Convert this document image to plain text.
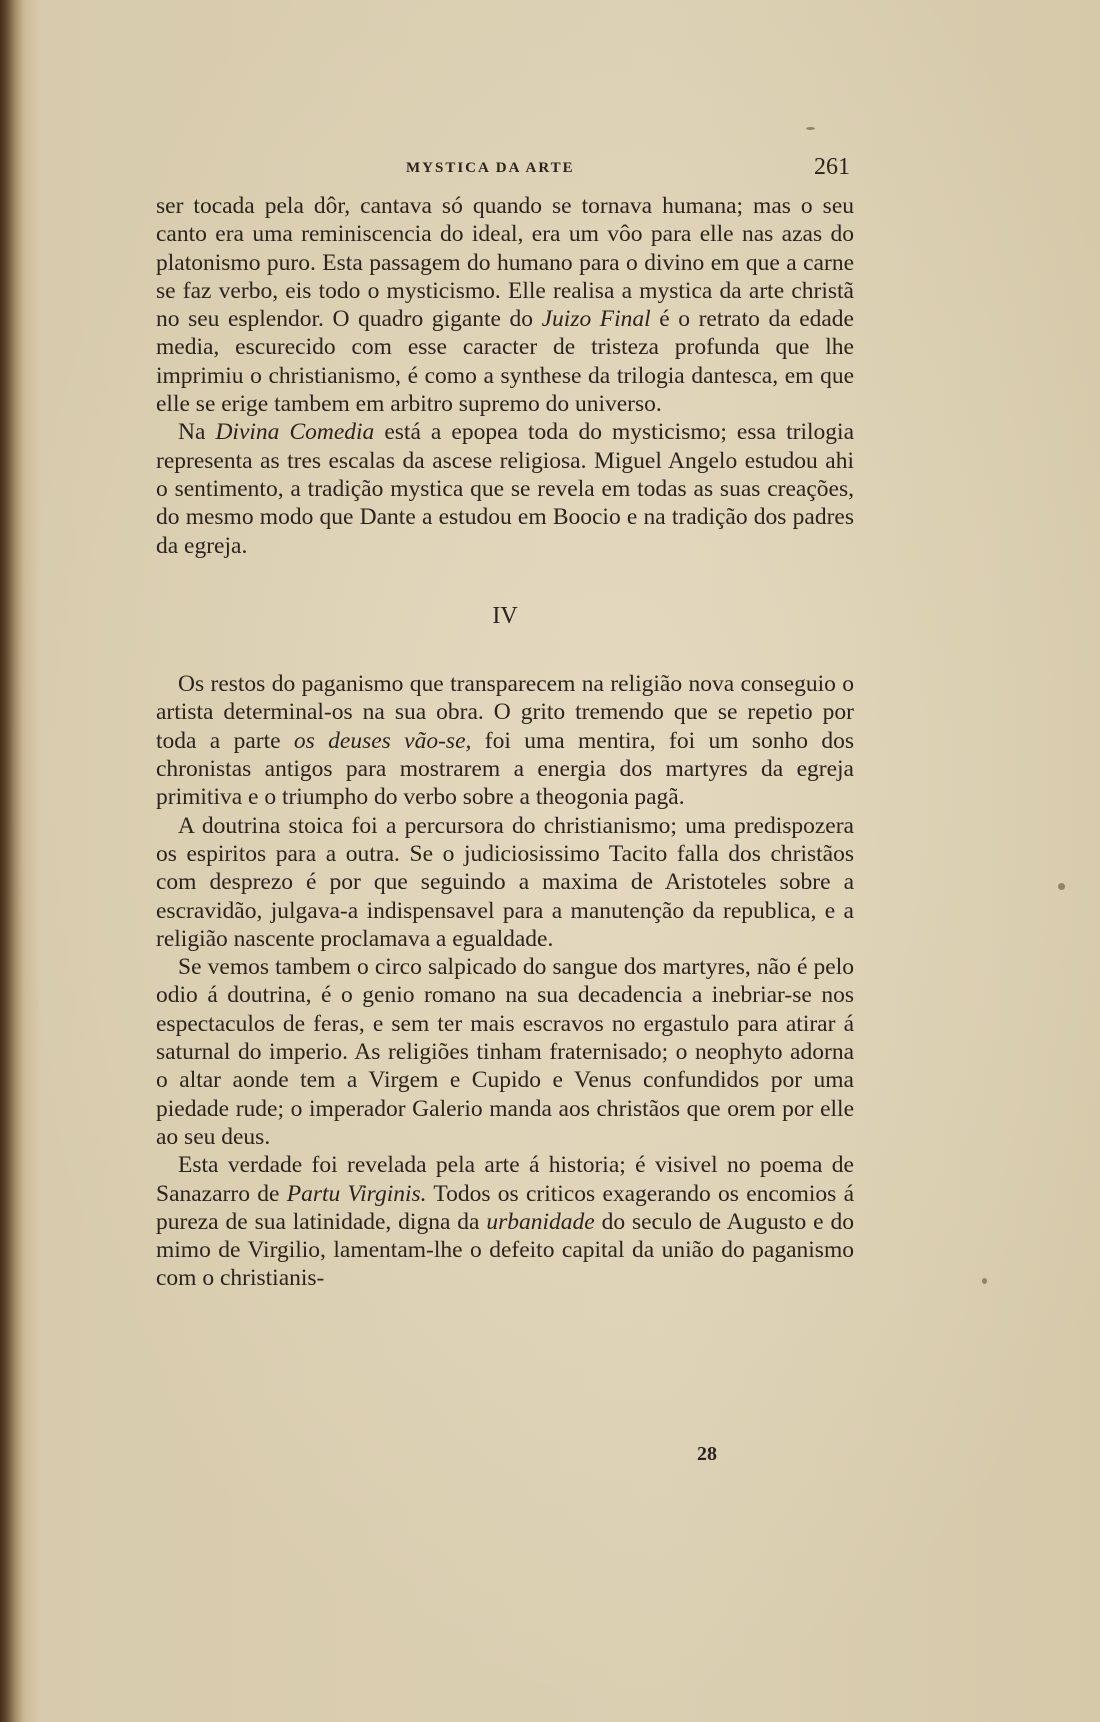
MYSTICA DA ARTE	261

ser tocada pela dôr, cantava só quando se tornava humana; mas o seu canto era uma reminiscencia do ideal, era um vôo para elle nas azas do platonismo puro. Esta passagem do humano para o divino em que a carne se faz verbo, eis todo o mysticismo. Elle realisa a mystica da arte christã no seu esplendor. O quadro gigante do Juizo Final é o retrato da edade media, escurecido com esse caracter de tristeza profunda que lhe imprimiu o christianismo, é como a synthese da trilogia dantesca, em que elle se erige tambem em arbitro supremo do universo.

Na Divina Comedia está a epopea toda do mysticismo; essa trilogia representa as tres escalas da ascese religiosa. Miguel Angelo estudou ahi o sentimento, a tradição mystica que se revela em todas as suas creações, do mesmo modo que Dante a estudou em Boocio e na tradição dos padres da egreja.

IV

Os restos do paganismo que transparecem na religião nova conseguio o artista determinal-os na sua obra. O grito tremendo que se repetio por toda a parte os deuses vão-se, foi uma mentira, foi um sonho dos chronistas antigos para mostrarem a energia dos martyres da egreja primitiva e o triumpho do verbo sobre a theogonia pagã.

A doutrina stoica foi a percursora do christianismo; uma predispozera os espiritos para a outra. Se o judiciosissimo Tacito falla dos christãos com desprezo é por que seguindo a maxima de Aristoteles sobre a escravidão, julgava-a indispensavel para a manutenção da republica, e a religião nascente proclamava a egualdade.

Se vemos tambem o circo salpicado do sangue dos martyres, não é pelo odio á doutrina, é o genio romano na sua decadencia a inebriar-se nos espectaculos de feras, e sem ter mais escravos no ergastulo para atirar á saturnal do imperio. As religiões tinham fraternisado; o neophyto adorna o altar aonde tem a Virgem e Cupido e Venus confundidos por uma piedade rude; o imperador Galerio manda aos christãos que orem por elle ao seu deus.

Esta verdade foi revelada pela arte á historia; é visivel no poema de Sanazarro de Partu Virginis. Todos os criticos exagerando os encomios á pureza de sua latinidade, digna da urbanidade do seculo de Augusto e do mimo de Virgilio, lamentam-lhe o defeito capital da união do paganismo com o christianis-

28
